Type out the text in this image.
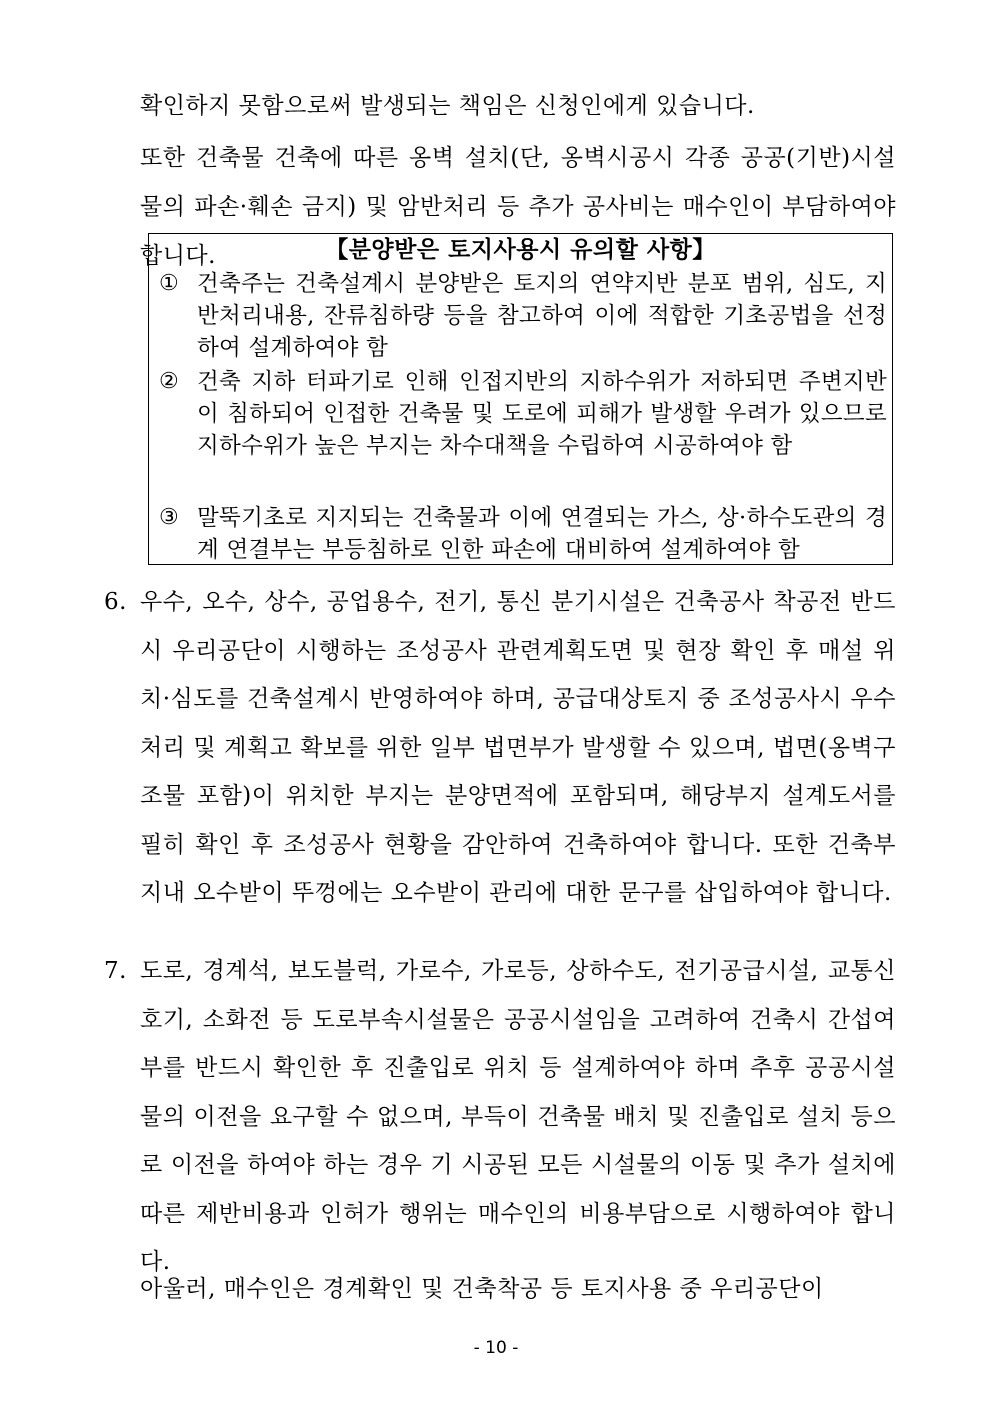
확인하지 못함으로써 발생되는 책임은 신청인에게 있습니다.
또한 건축물 건축에 따른 옹벽 설치(단, 옹벽시공시 각종 공공(기반)시설물의 파손·훼손 금지) 및 암반처리 등 추가 공사비는 매수인이 부담하여야 합니다.	【분양받은 토지사용시 유의할 사항】
① 건축주는 건축설계시 분양받은 토지의 연약지반 분포 범위, 심도, 지반처리내용, 잔류침하량 등을 참고하여 이에 적합한 기초공법을 선정하여 설계하여야 함
② 건축 지하 터파기로 인해 인접지반의 지하수위가 저하되면 주변지반이 침하되어 인접한 건축물 및 도로에 피해가 발생할 우려가 있으므로 지하수위가 높은 부지는 차수대책을 수립하여 시공하여야 함
③ 말뚝기초로 지지되는 건축물과 이에 연결되는 가스, 상·하수도관의 경계 연결부는 부등침하로 인한 파손에 대비하여 설계하여야 함
6. 우수, 오수, 상수, 공업용수, 전기, 통신 분기시설은 건축공사 착공전 반드시 우리공단이 시행하는 조성공사 관련계획도면 및 현장 확인 후 매설 위치·심도를 건축설계시 반영하여야 하며, 공급대상토지 중 조성공사시 우수처리 및 계획고 확보를 위한 일부 법면부가 발생할 수 있으며, 법면(옹벽구조물 포함)이 위치한 부지는 분양면적에 포함되며, 해당부지 설계도서를 필히 확인 후 조성공사 현황을 감안하여 건축하여야 합니다. 또한 건축부지내 오수받이 뚜껑에는 오수받이 관리에 대한 문구를 삽입하여야 합니다.
7. 도로, 경계석, 보도블럭, 가로수, 가로등, 상하수도, 전기공급시설, 교통신호기, 소화전 등 도로부속시설물은 공공시설임을 고려하여 건축시 간섭여부를 반드시 확인한 후 진출입로 위치 등 설계하여야 하며 추후 공공시설물의 이전을 요구할 수 없으며, 부득이 건축물 배치 및 진출입로 설치 등으로 이전을 하여야 하는 경우 기 시공된 모든 시설물의 이동 및 추가 설치에 따른 제반비용과 인허가 행위는 매수인의 비용부담으로 시행하여야 합니다.
아울러, 매수인은 경계확인 및 건축착공 등 토지사용 중 우리공단이
- 10 -
